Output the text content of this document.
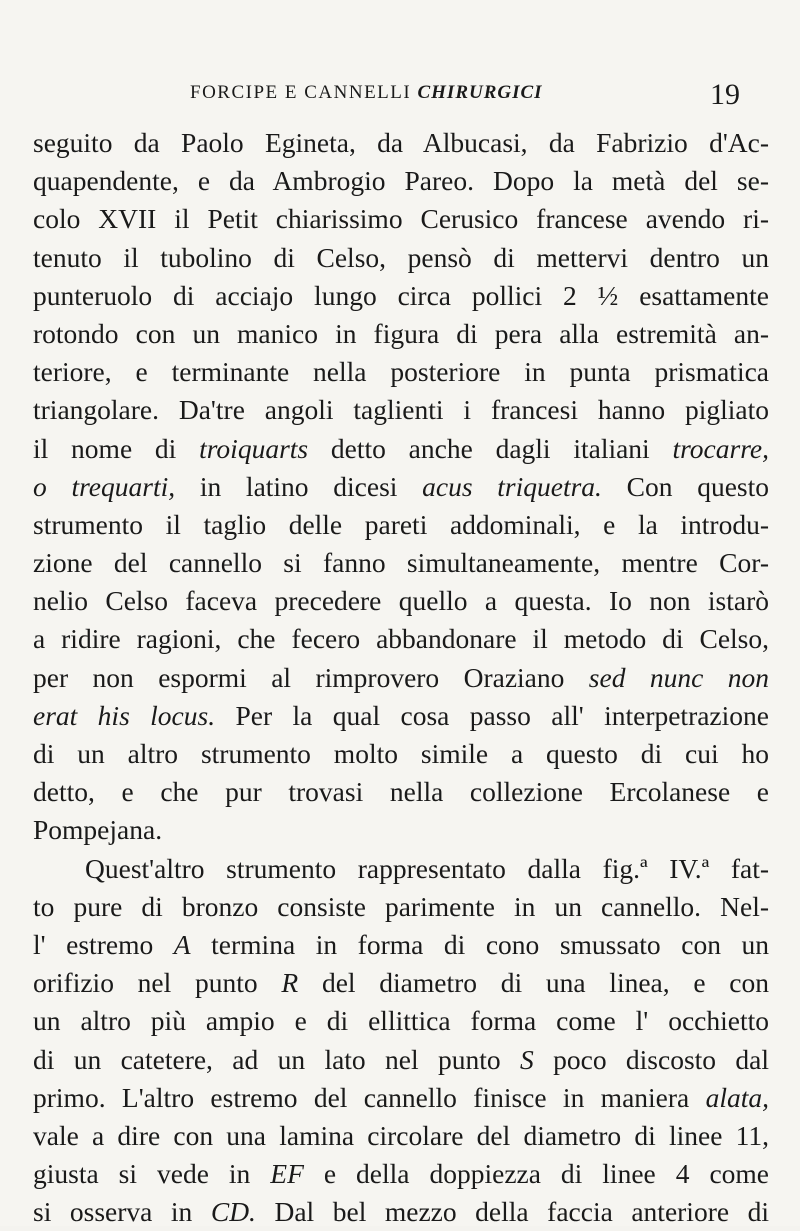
FORCIPE E CANNELLI CHIRURGICI	19
seguito da Paolo Egineta, da Albucasi, da Fabrizio d'Ac-
quapendente, e da Ambrogio Pareo. Dopo la metà del se-
colo XVII il Petit chiarissimo Cerusico francese avendo ri-
tenuto il tubolino di Celso, pensò di mettervi dentro un
punteruolo di acciajo lungo circa pollici 2 ½ esattamente
rotondo con un manico in figura di pera alla estremità an-
teriore, e terminante nella posteriore in punta prismatica
triangolare. Da'tre angoli taglienti i francesi hanno pigliato
il nome di troiquarts detto anche dagli italiani trocarre,
o trequarti, in latino dicesi acus triquetra. Con questo
strumento il taglio delle pareti addominali, e la introdu-
zione del cannello si fanno simultaneamente, mentre Cor-
nelio Celso faceva precedere quello a questa. Io non istarò
a ridire ragioni, che fecero abbandonare il metodo di Celso,
per non espormi al rimprovero Oraziano sed nunc non
erat his locus. Per la qual cosa passo all' interpetrazione
di un altro strumento molto simile a questo di cui ho
detto, e che pur trovasi nella collezione Ercolanese e
Pompejana.
Quest'altro strumento rappresentato dalla fig.ª IV.ª fat-
to pure di bronzo consiste parimente in un cannello. Nel-
l' estremo A termina in forma di cono smussato con un
orifizio nel punto R del diametro di una linea, e con
un altro più ampio e di ellittica forma come l' occhietto
di un catetere, ad un lato nel punto S poco discosto dal
primo. L'altro estremo del cannello finisce in maniera alata,
vale a dire con una lamina circolare del diametro di linee 11,
giusta si vede in EF e della doppiezza di linee 4 come
si osserva in CD. Dal bel mezzo della faccia anteriore di
